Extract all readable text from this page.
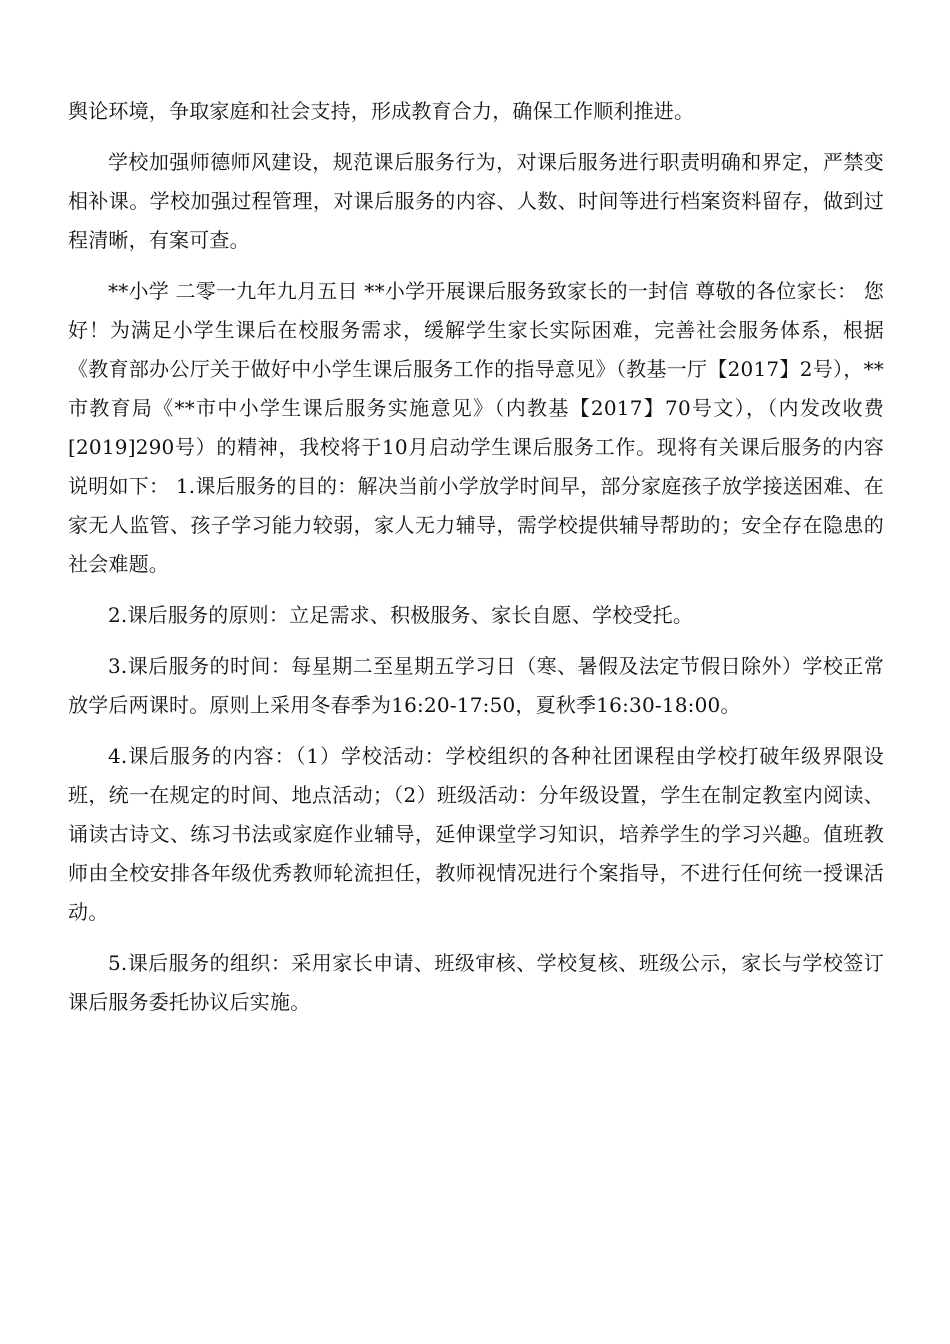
舆论环境，争取家庭和社会支持，形成教育合力，确保工作顺利推进。

学校加强师德师风建设，规范课后服务行为，对课后服务进行职责明确和界定，严禁变相补课。学校加强过程管理，对课后服务的内容、人数、时间等进行档案资料留存，做到过程清晰，有案可查。

**小学 二零一九年九月五日 **小学开展课后服务致家长的一封信 尊敬的各位家长： 您好！为满足小学生课后在校服务需求，缓解学生家长实际困难，完善社会服务体系，根据《教育部办公厅关于做好中小学生课后服务工作的指导意见》（教基一厅【2017】2号），**市教育局《**市中小学生课后服务实施意见》（内教基【2017】70号文），（内发改收费[2019]290号）的精神，我校将于10月启动学生课后服务工作。现将有关课后服务的内容说明如下： 1.课后服务的目的：解决当前小学放学时间早，部分家庭孩子放学接送困难、在家无人监管、孩子学习能力较弱，家人无力辅导，需学校提供辅导帮助的；安全存在隐患的社会难题。

2.课后服务的原则：立足需求、积极服务、家长自愿、学校受托。

3.课后服务的时间：每星期二至星期五学习日（寒、暑假及法定节假日除外）学校正常放学后两课时。原则上采用冬春季为16:20-17:50，夏秋季16:30-18:00。

4.课后服务的内容：（1）学校活动：学校组织的各种社团课程由学校打破年级界限设班，统一在规定的时间、地点活动；（2）班级活动：分年级设置，学生在制定教室内阅读、诵读古诗文、练习书法或家庭作业辅导，延伸课堂学习知识，培养学生的学习兴趣。值班教师由全校安排各年级优秀教师轮流担任，教师视情况进行个案指导，不进行任何统一授课活动。

5.课后服务的组织：采用家长申请、班级审核、学校复核、班级公示，家长与学校签订课后服务委托协议后实施。
